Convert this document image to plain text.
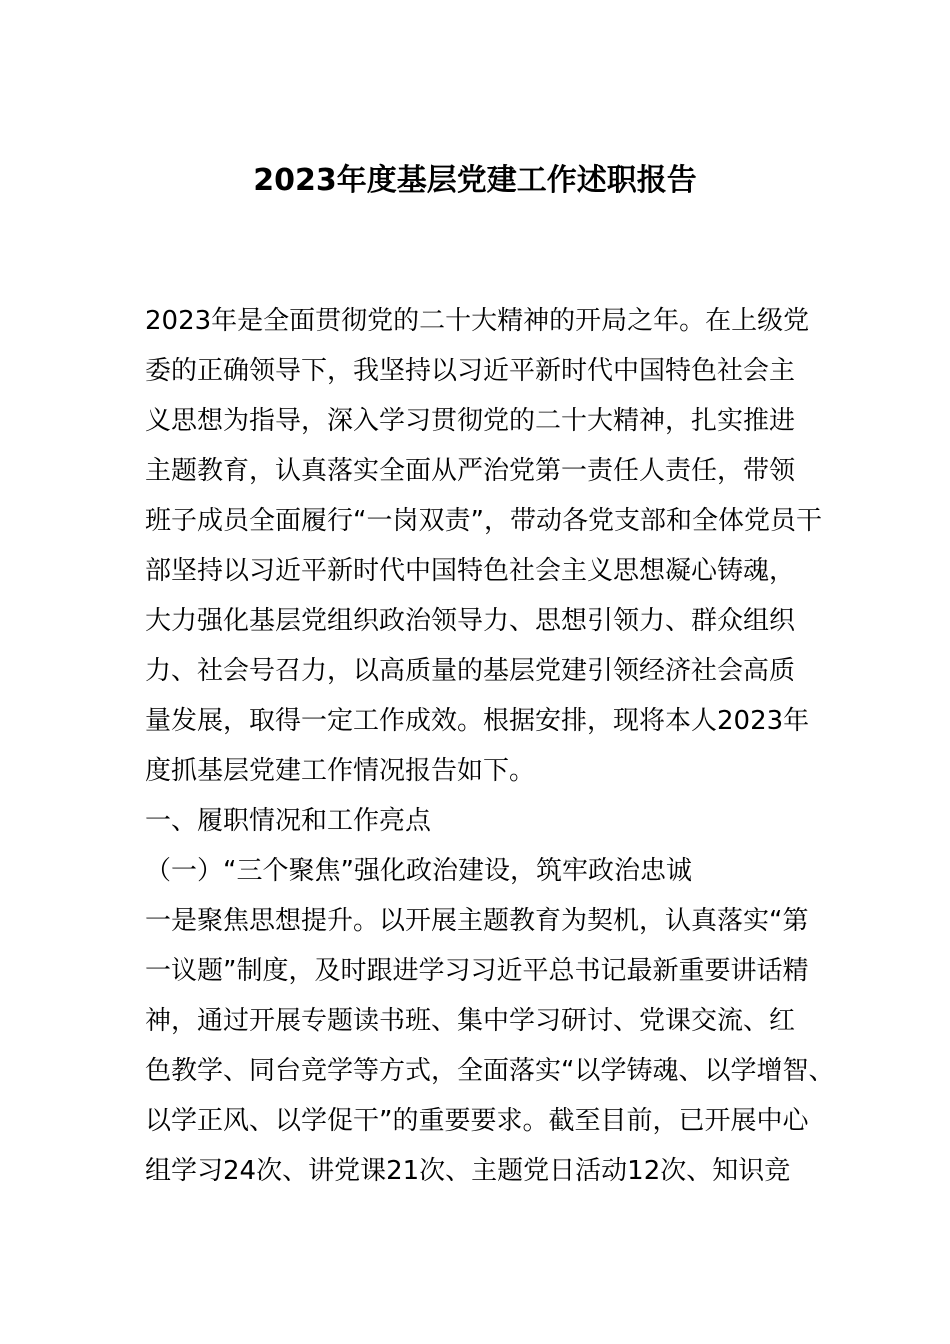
2023年度基层党建工作述职报告
2023年是全面贯彻党的二十大精神的开局之年。在上级党
委的正确领导下，我坚持以习近平新时代中国特色社会主
义思想为指导，深入学习贯彻党的二十大精神，扎实推进
主题教育，认真落实全面从严治党第一责任人责任，带领
班子成员全面履行“一岗双责”，带动各党支部和全体党员干
部坚持以习近平新时代中国特色社会主义思想凝心铸魂，
大力强化基层党组织政治领导力、思想引领力、群众组织
力、社会号召力，以高质量的基层党建引领经济社会高质
量发展，取得一定工作成效。根据安排，现将本人2023年
度抓基层党建工作情况报告如下。
一、履职情况和工作亮点
（一）“三个聚焦”强化政治建设，筑牢政治忠诚
一是聚焦思想提升。以开展主题教育为契机，认真落实“第
一议题”制度，及时跟进学习习近平总书记最新重要讲话精
神，通过开展专题读书班、集中学习研讨、党课交流、红
色教学、同台竞学等方式，全面落实“以学铸魂、以学增智、
以学正风、以学促干”的重要要求。截至目前，已开展中心
组学习24次、讲党课21次、主题党日活动12次、知识竞
